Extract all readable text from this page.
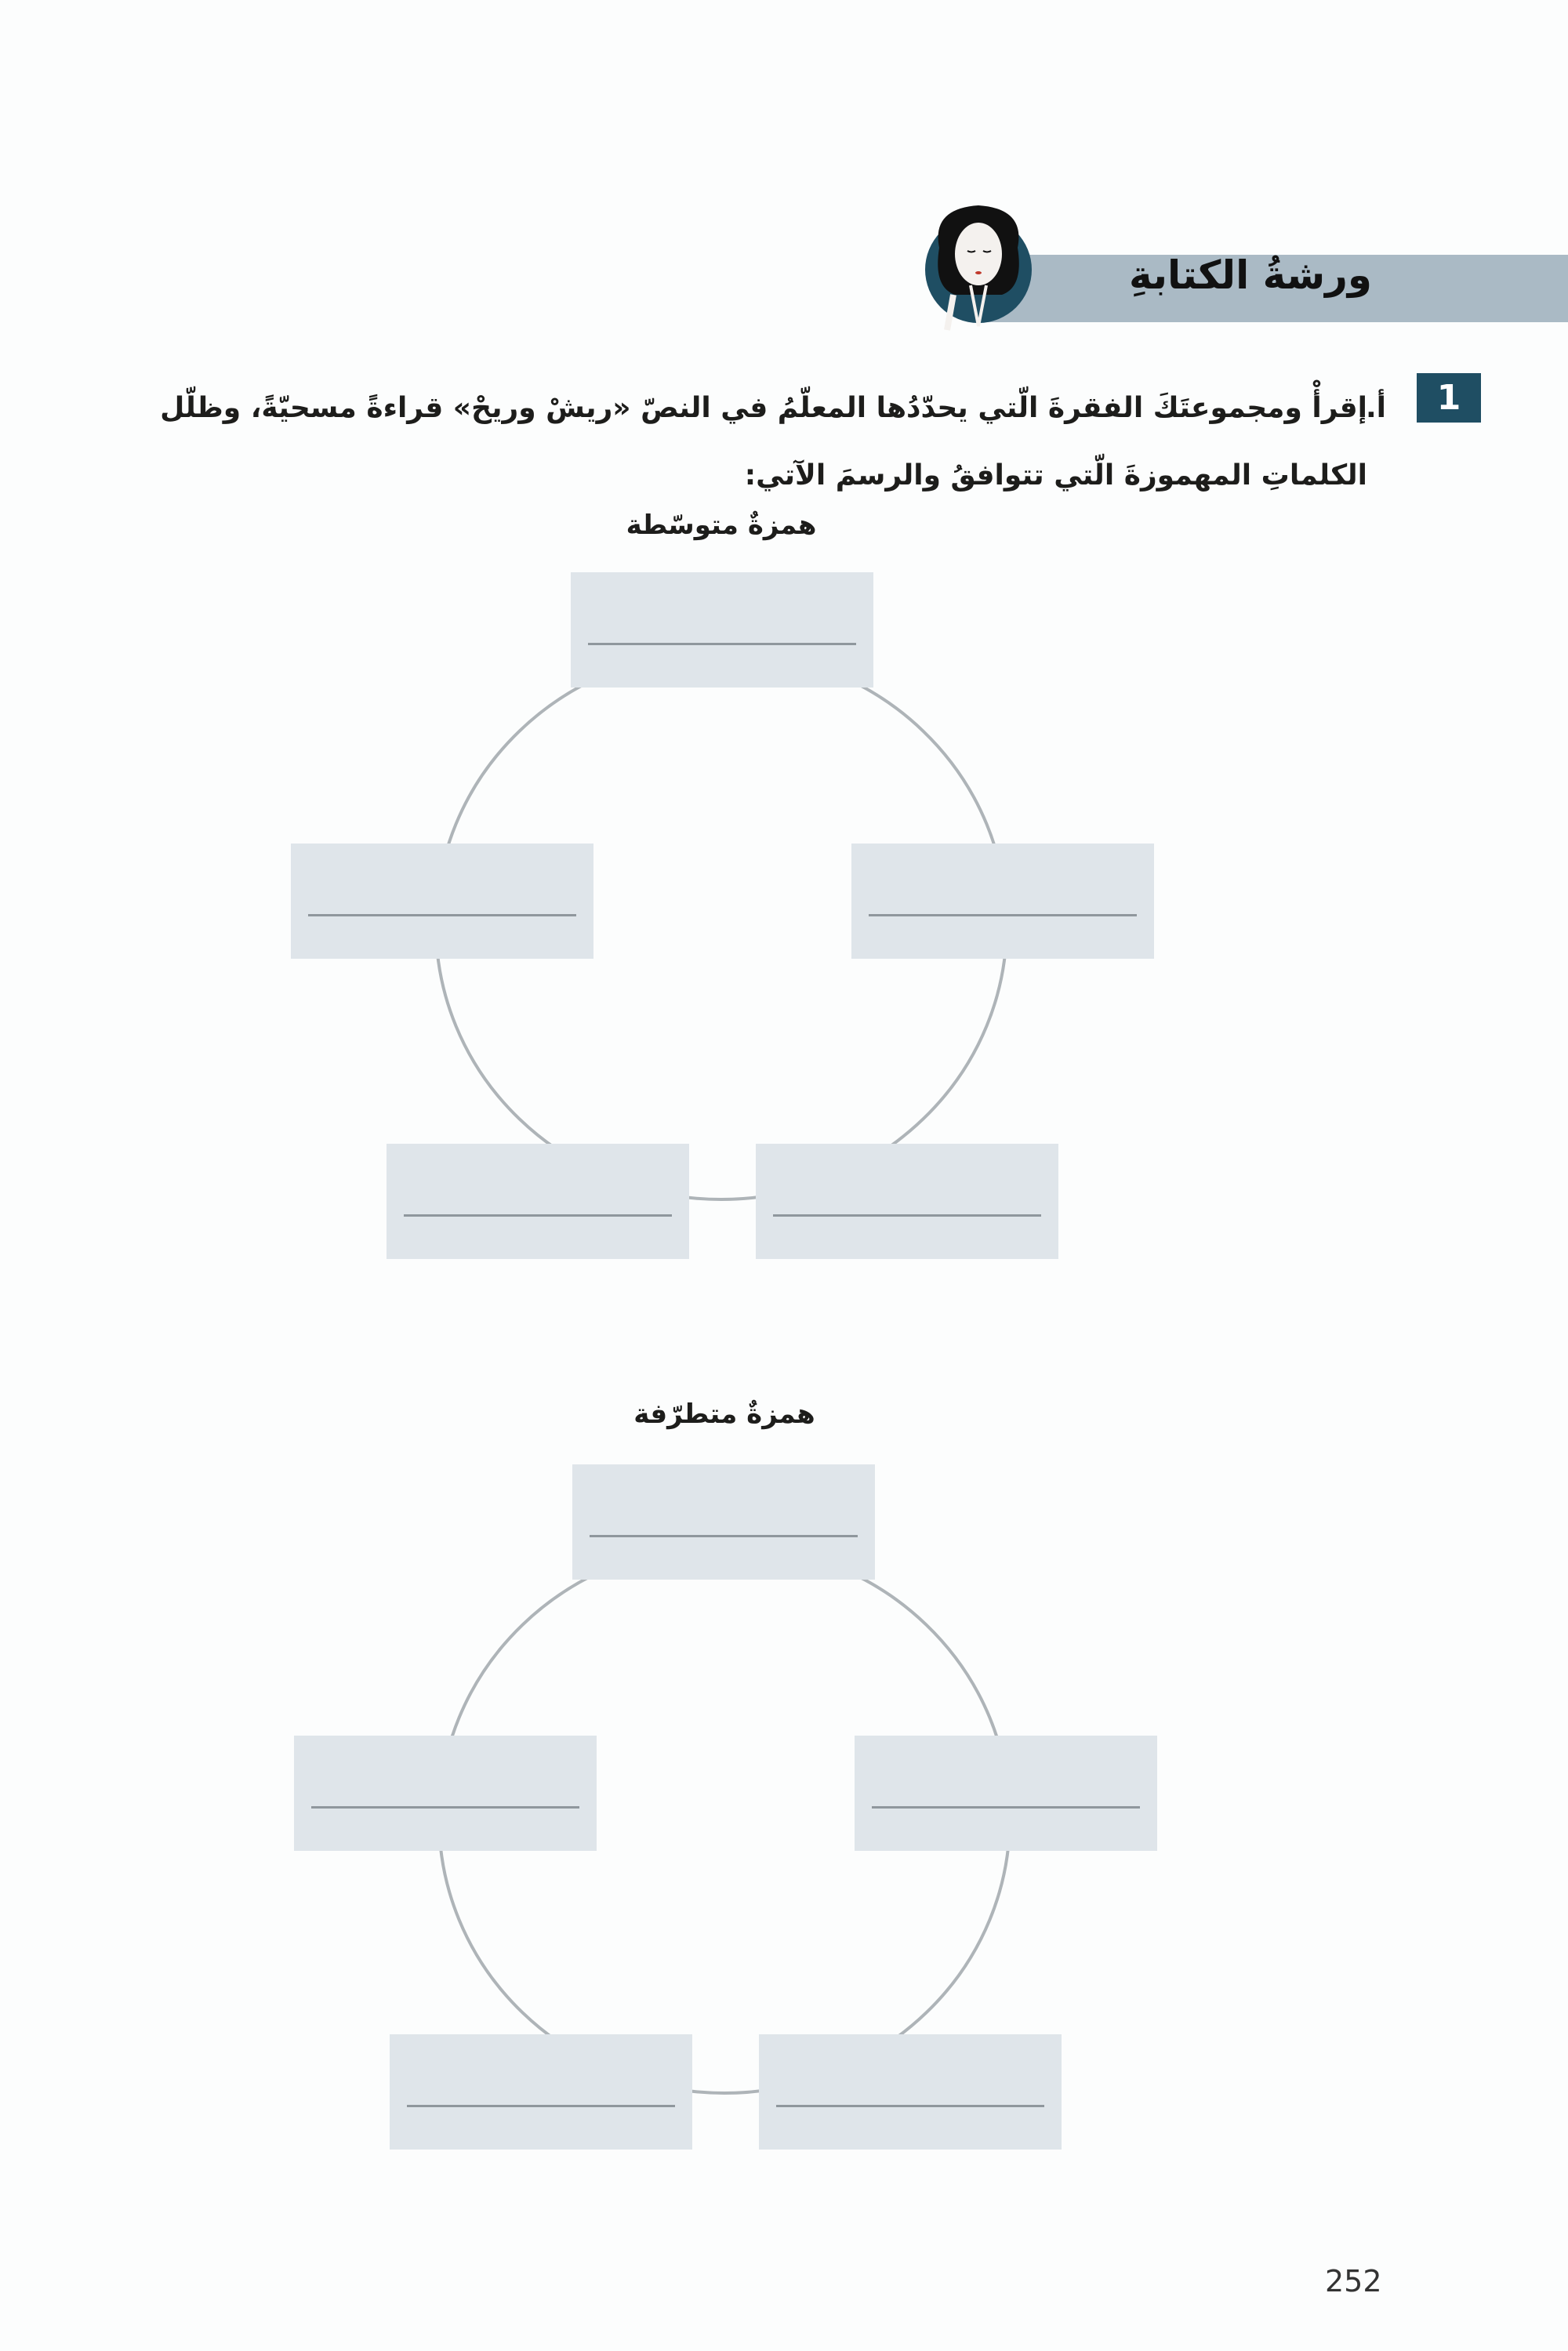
ورشةُ الكتابةِ
1
أ.
إقرأْ ومجموعتَكَ الفقرةَ الّتي يحدّدُها المعلّمُ في النصّ «ريشْ وريحْ» قراءةً مسحيّةً، وظلّل الكلماتِ المهموزةَ الّتي تتوافقُ والرسمَ الآتي:
همزةٌ متوسّطة
همزةٌ متطرّفة
252
